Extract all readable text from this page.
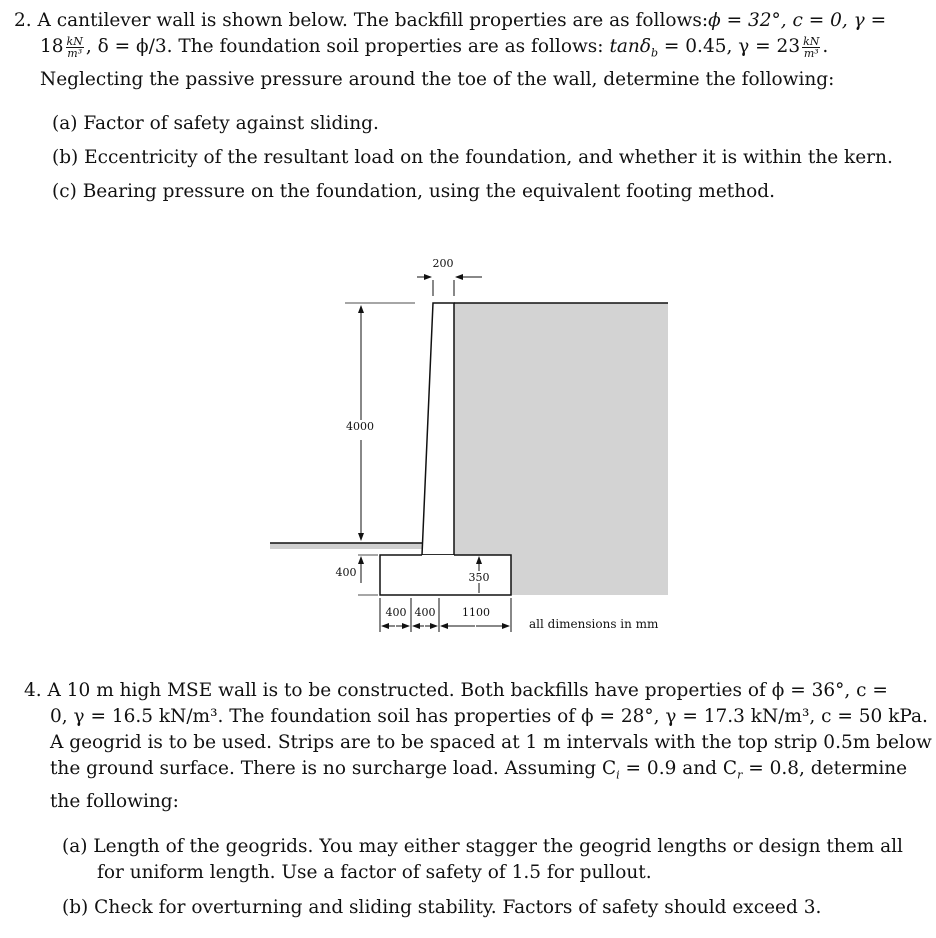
2. A cantilever wall is shown below. The backfill properties are as follows:ϕ = 32°, c = 0, γ =
$18 \frac{kN}{\text{m³}}$ , δ = ϕ/3. The foundation soil properties are as follows: tanδ$_b$ = 0.45, $\gamma = 23 \frac{kN}{\text{m³}}$ .
Neglecting the passive pressure around the toe of the wall, determine the following:
(a) Factor of safety against sliding.
(b) Eccentricity of the resultant load on the foundation, and whether it is within the kern.
(c) Bearing pressure on the foundation, using the equivalent footing method.
200
4000
400	350
400 400 1100
all dimensions in mm
4. A 10 m high MSE wall is to be constructed. Both backfills have properties of ϕ = 36°, c =
0, γ = 16.5 kN/m³. The foundation soil has properties of ϕ = 28°, γ = 17.3 kN/m³, c = 50 kPa.
A geogrid is to be used. Strips are to be spaced at 1 m intervals with the top strip 0.5m below
the ground surface. There is no surcharge load. Assuming $C_i = 0.9$ and $C_r = 0.8$, determine
the following:
(a) Length of the geogrids. You may either stagger the geogrid lengths or design them all
for uniform length. Use a factor of safety of 1.5 for pullout.
(b) Check for overturning and sliding stability. Factors of safety should exceed 3.
